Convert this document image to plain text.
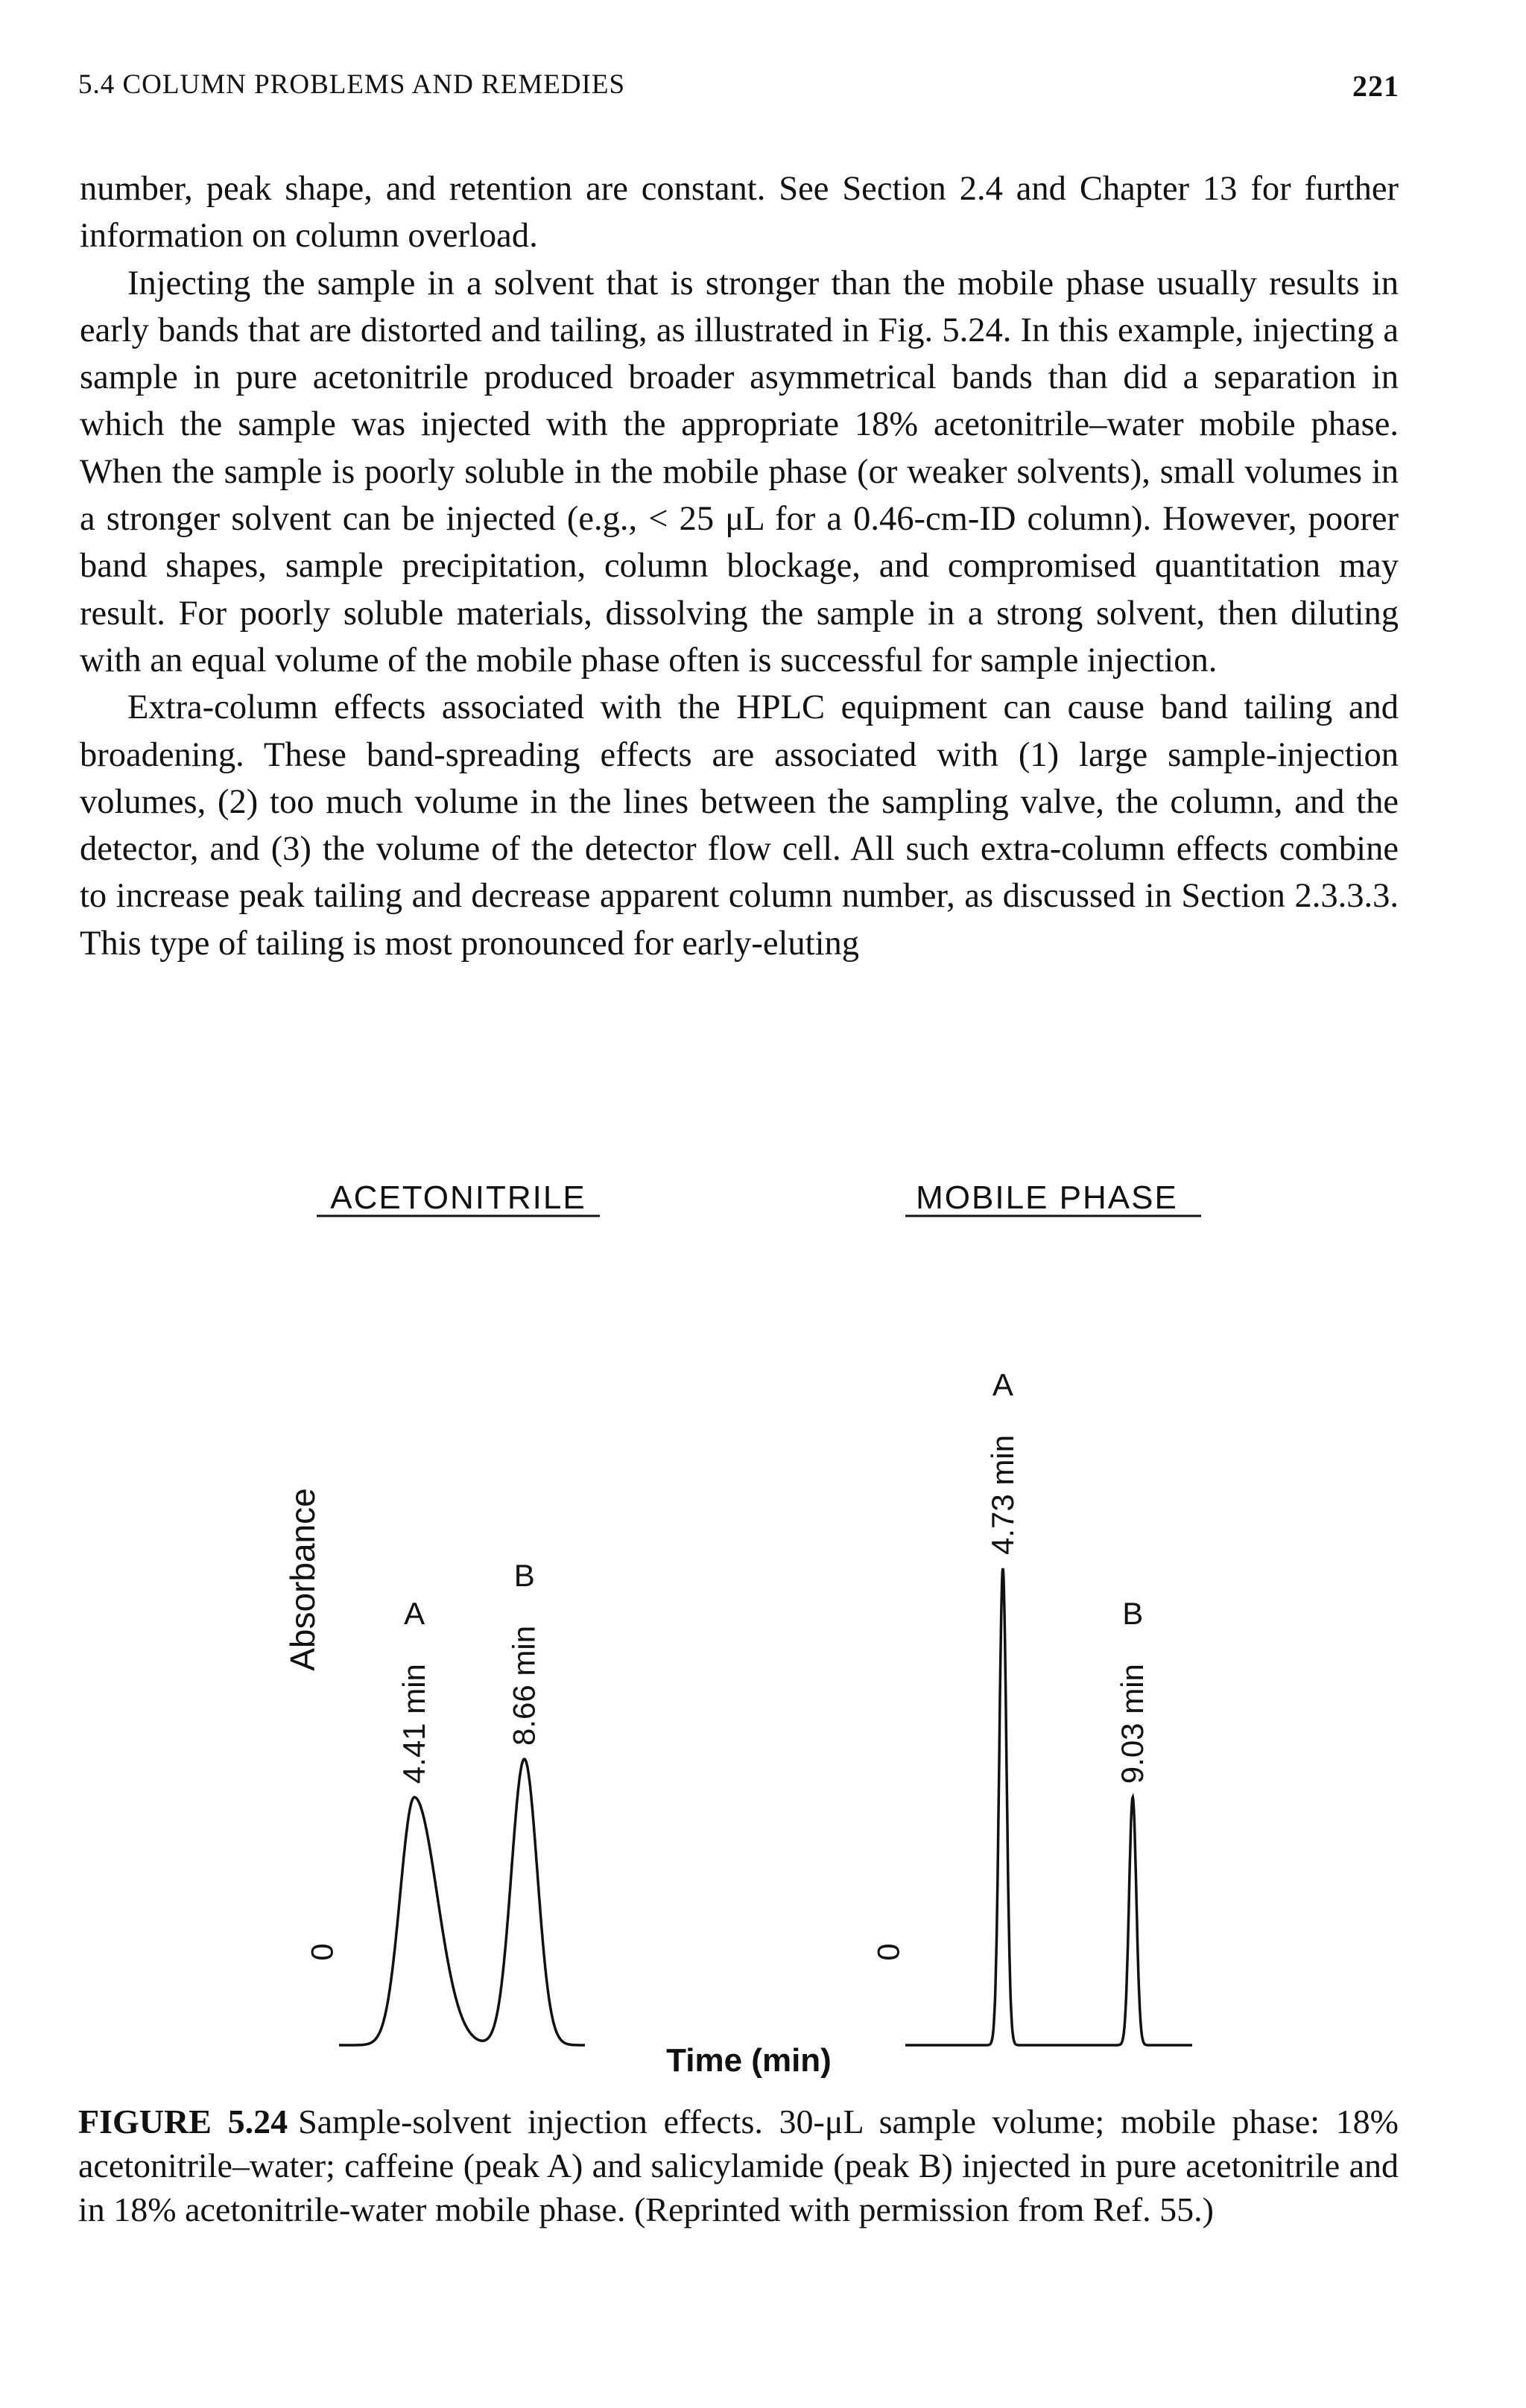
5.4 COLUMN PROBLEMS AND REMEDIES	221

number, peak shape, and retention are constant. See Section 2.4 and Chapter 13 for further information on column overload.

Injecting the sample in a solvent that is stronger than the mobile phase usually results in early bands that are distorted and tailing, as illustrated in Fig. 5.24. In this example, injecting a sample in pure acetonitrile produced broader asymmetrical bands than did a separation in which the sample was injected with the appropriate 18% acetonitrile–water mobile phase. When the sample is poorly soluble in the mobile phase (or weaker solvents), small volumes in a stronger solvent can be injected (e.g., < 25 μL for a 0.46-cm-ID column). However, poorer band shapes, sample precipitation, column blockage, and compromised quantitation may result. For poorly soluble materials, dissolving the sample in a strong solvent, then diluting with an equal volume of the mobile phase often is successful for sample injection.

Extra-column effects associated with the HPLC equipment can cause band tailing and broadening. These band-spreading effects are associated with (1) large sample-injection volumes, (2) too much volume in the lines between the sampling valve, the column, and the detector, and (3) the volume of the detector flow cell. All such extra-column effects combine to increase peak tailing and decrease apparent column number, as discussed in Section 2.3.3.3. This type of tailing is most pronounced for early-eluting

ACETONITRILE
Absorbance
0
4.41 min
A
8.66 min
B
MOBILE PHASE
0
4.73 min
A
9.03 min
B
Time (min)
FIGURE 5.24 Sample-solvent injection effects. 30-μL sample volume; mobile phase: 18% acetonitrile–water; caffeine (peak A) and salicylamide (peak B) injected in pure acetonitrile and in 18% acetonitrile-water mobile phase. (Reprinted with permission from Ref. 55.)
